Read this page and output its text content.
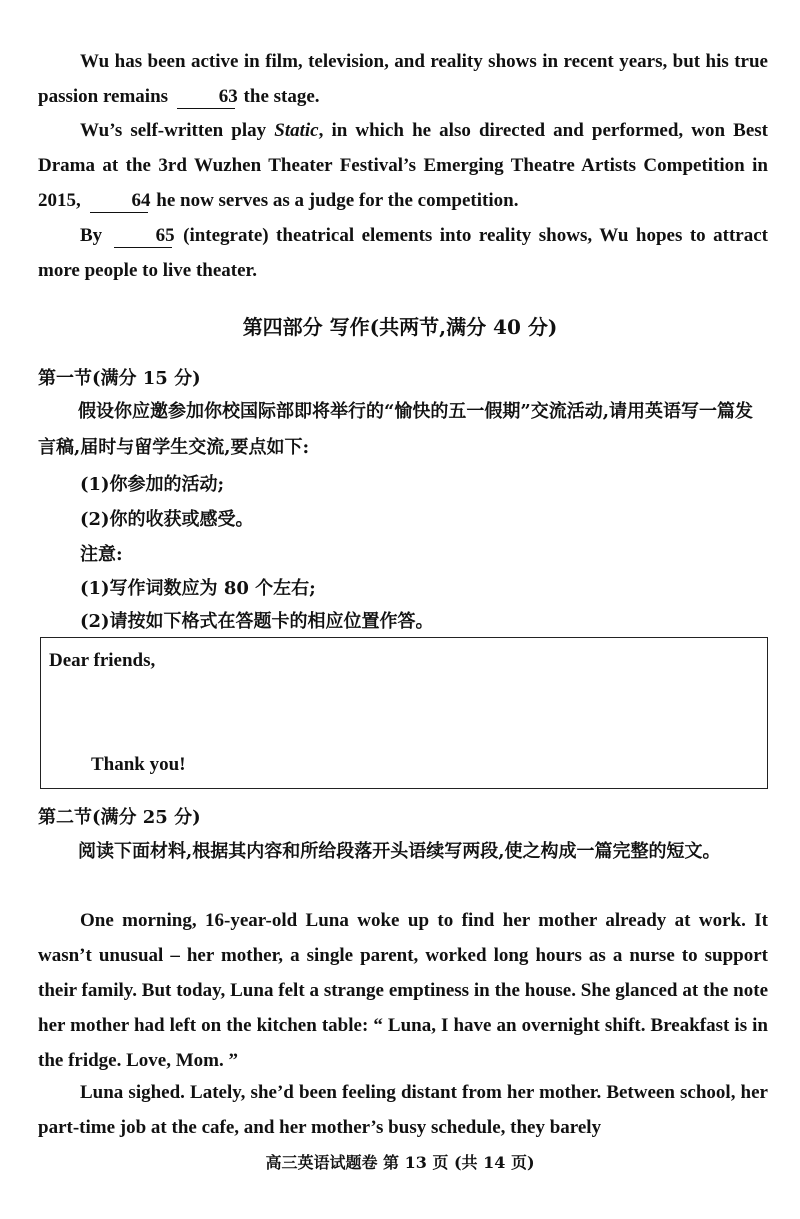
Wu has been active in film, television, and reality shows in recent years, but his true passion remains	63 the stage.

Wu’s self-written play Static, in which he also directed and performed, won Best Drama at the 3rd Wuzhen Theater Festival’s Emerging Theatre Artists Competition in 2015,	64 he now serves as a judge for the competition.

By	65 (integrate) theatrical elements into reality shows, Wu hopes to attract more people to live theater.

第四部分 写作(共两节,满分 40 分)

第一节(满分 15 分)

假设你应邀参加你校国际部即将举行的“愉快的五一假期”交流活动,请用英语写一篇发言稿,届时与留学生交流,要点如下:

(1)你参加的活动;

(2)你的收获或感受。

注意:

(1)写作词数应为 80 个左右;

(2)请按如下格式在答题卡的相应位置作答。

Dear friends,
Thank you!

第二节(满分 25 分)

阅读下面材料,根据其内容和所给段落开头语续写两段,使之构成一篇完整的短文。

One morning, 16-year-old Luna woke up to find her mother already at work. It wasn’t unusual – her mother, a single parent, worked long hours as a nurse to support their family. But today, Luna felt a strange emptiness in the house. She glanced at the note her mother had left on the kitchen table: “ Luna, I have an overnight shift. Breakfast is in the fridge. Love, Mom. ”

Luna sighed. Lately, she’d been feeling distant from her mother. Between school, her part-time job at the cafe, and her mother’s busy schedule, they barely

高三英语试题卷 第 13 页 (共 14 页)
